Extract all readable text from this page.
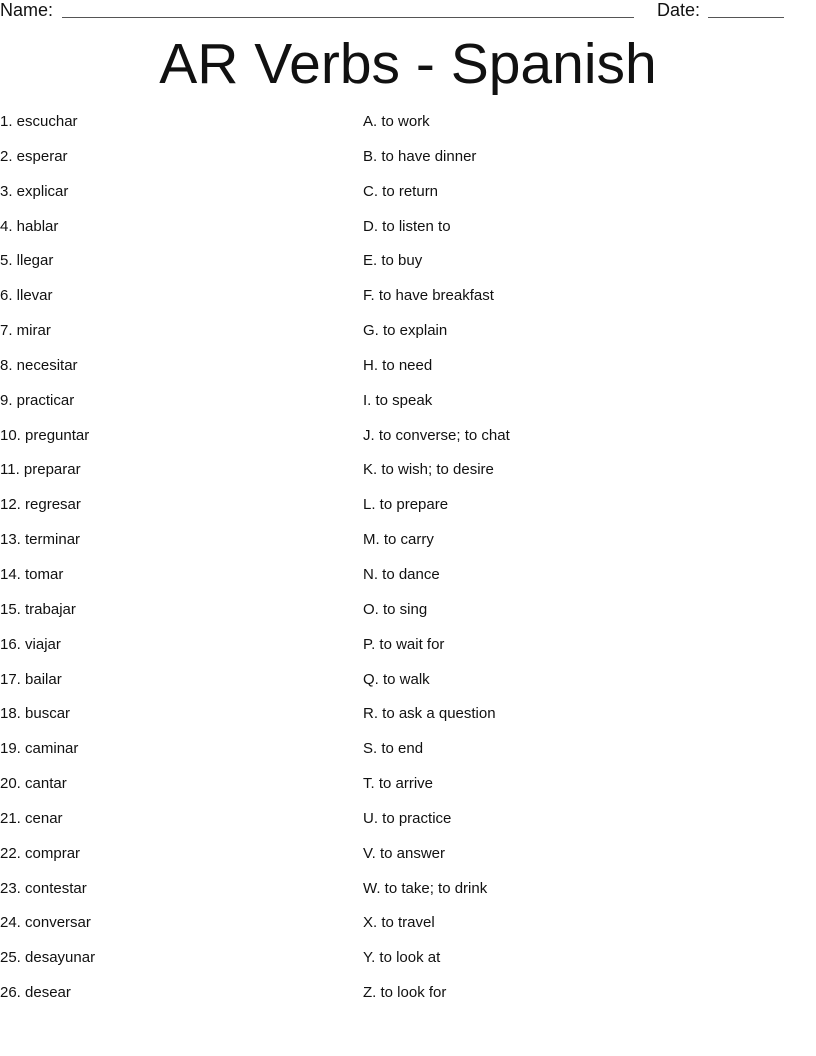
Name:	Date:
AR Verbs - Spanish
1. escuchar
2. esperar
3. explicar
4. hablar
5. llegar
6. llevar
7. mirar
8. necesitar
9. practicar
10. preguntar
11. preparar
12. regresar
13. terminar
14. tomar
15. trabajar
16. viajar
17. bailar
18. buscar
19. caminar
20. cantar
21. cenar
22. comprar
23. contestar
24. conversar
25. desayunar
26. desear
A. to work
B. to have dinner
C. to return
D. to listen to
E. to buy
F. to have breakfast
G. to explain
H. to need
I. to speak
J. to converse; to chat
K. to wish; to desire
L. to prepare
M. to carry
N. to dance
O. to sing
P. to wait for
Q. to walk
R. to ask a question
S. to end
T. to arrive
U. to practice
V. to answer
W. to take; to drink
X. to travel
Y. to look at
Z. to look for
